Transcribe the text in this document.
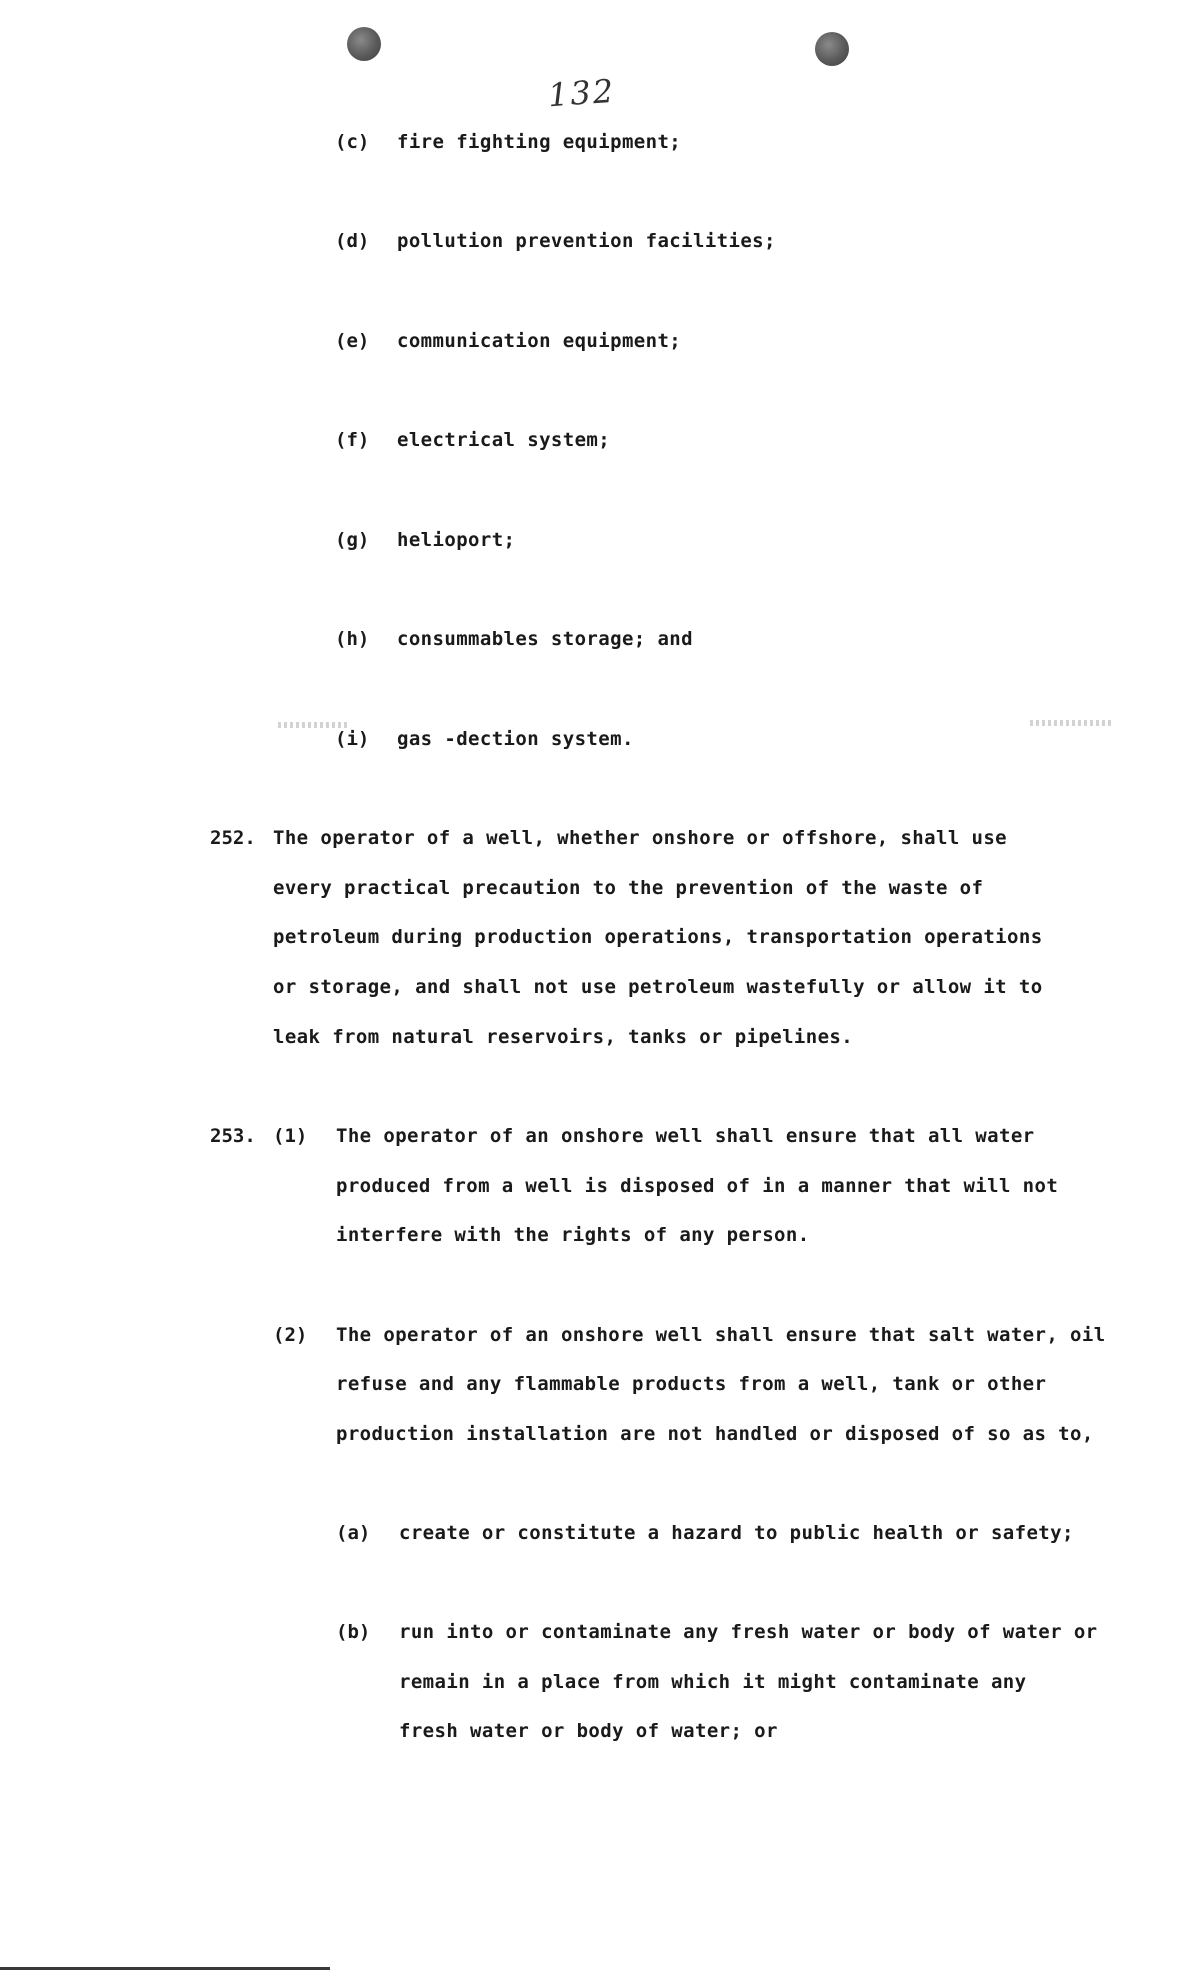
132
(c) fire fighting equipment;
(d) pollution prevention facilities;
(e) communication equipment;
(f) electrical system;
(g) helioport;
(h) consummables storage; and
(i) gas -dection system.
252. The operator of a well, whether onshore or offshore, shall use
every practical precaution to the prevention of the waste of
petroleum during production operations, transportation operations
or storage, and shall not use petroleum wastefully or allow it to
leak from natural reservoirs, tanks or pipelines.
253. (1) The operator of an onshore well shall ensure that all water
produced from a well is disposed of in a manner that will not
interfere with the rights of any person.
(2) The operator of an onshore well shall ensure that salt water, oil
refuse and any flammable products from a well, tank or other
production installation are not handled or disposed of so as to,
(a) create or constitute a hazard to public health or safety;
(b) run into or contaminate any fresh water or body of water or
remain in a place from which it might contaminate any
fresh water or body of water; or
